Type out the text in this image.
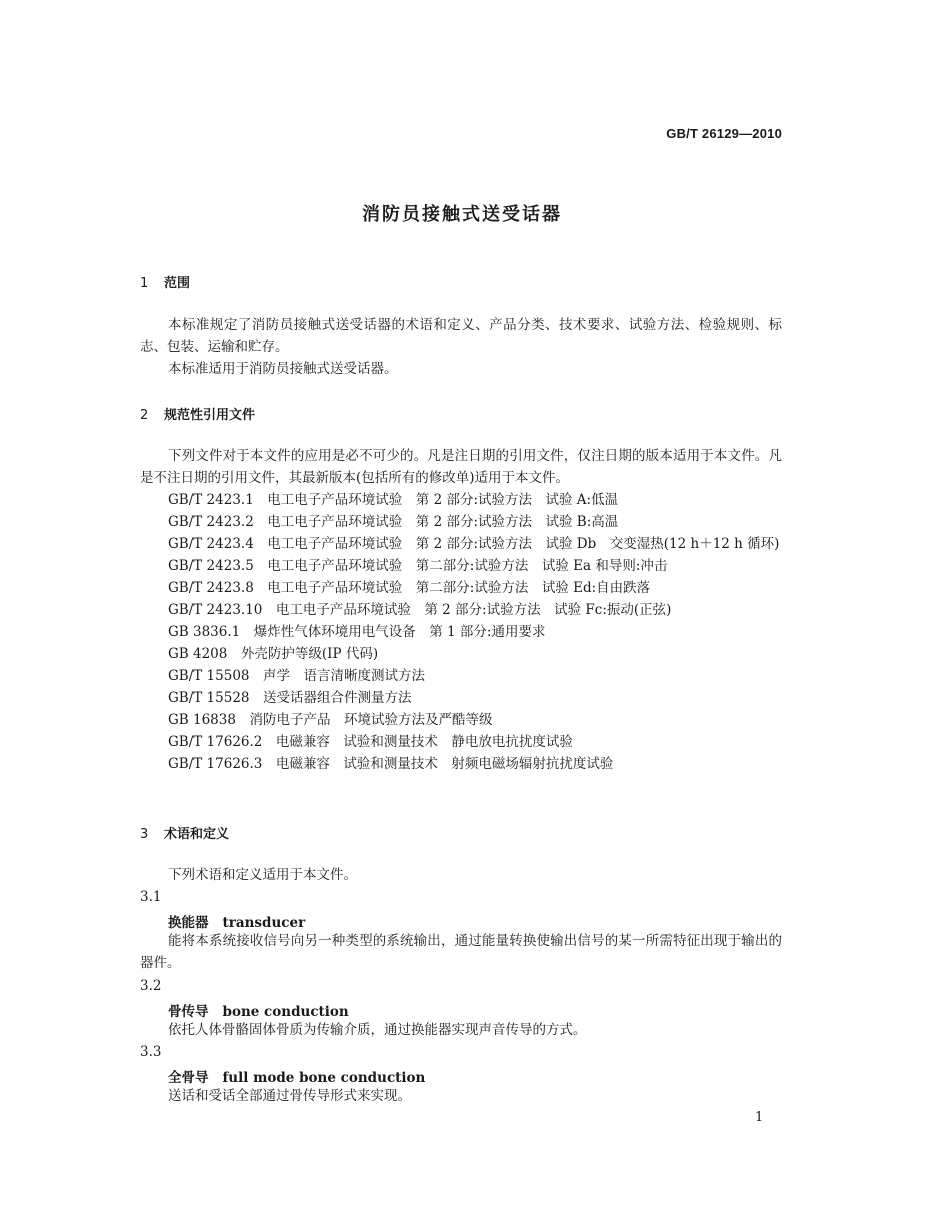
GB/T 26129—2010
消防员接触式送受话器
1 范围
本标准规定了消防员接触式送受话器的术语和定义、产品分类、技术要求、试验方法、检验规则、标志、包装、运输和贮存。
本标准适用于消防员接触式送受话器。
2 规范性引用文件
下列文件对于本文件的应用是必不可少的。凡是注日期的引用文件，仅注日期的版本适用于本文件。凡是不注日期的引用文件，其最新版本(包括所有的修改单)适用于本文件。
GB/T 2423.1　电工电子产品环境试验　第 2 部分:试验方法　试验 A:低温
GB/T 2423.2　电工电子产品环境试验　第 2 部分:试验方法　试验 B:高温
GB/T 2423.4　电工电子产品环境试验　第 2 部分:试验方法　试验 Db　交变湿热(12 h＋12 h 循环)
GB/T 2423.5　电工电子产品环境试验　第二部分:试验方法　试验 Ea 和导则:冲击
GB/T 2423.8　电工电子产品环境试验　第二部分:试验方法　试验 Ed:自由跌落
GB/T 2423.10　电工电子产品环境试验　第 2 部分:试验方法　试验 Fc:振动(正弦)
GB 3836.1　爆炸性气体环境用电气设备　第 1 部分:通用要求
GB 4208　外壳防护等级(IP 代码)
GB/T 15508　声学　语言清晰度测试方法
GB/T 15528　送受话器组合件测量方法
GB 16838　消防电子产品　环境试验方法及严酷等级
GB/T 17626.2　电磁兼容　试验和测量技术　静电放电抗扰度试验
GB/T 17626.3　电磁兼容　试验和测量技术　射频电磁场辐射抗扰度试验
3 术语和定义
下列术语和定义适用于本文件。
3.1
换能器 transducer
能将本系统接收信号向另一种类型的系统输出，通过能量转换使输出信号的某一所需特征出现于输出的器件。
3.2
骨传导 bone conduction
依托人体骨骼固体骨质为传输介质，通过换能器实现声音传导的方式。
3.3
全骨导 full mode bone conduction
送话和受话全部通过骨传导形式来实现。
1
